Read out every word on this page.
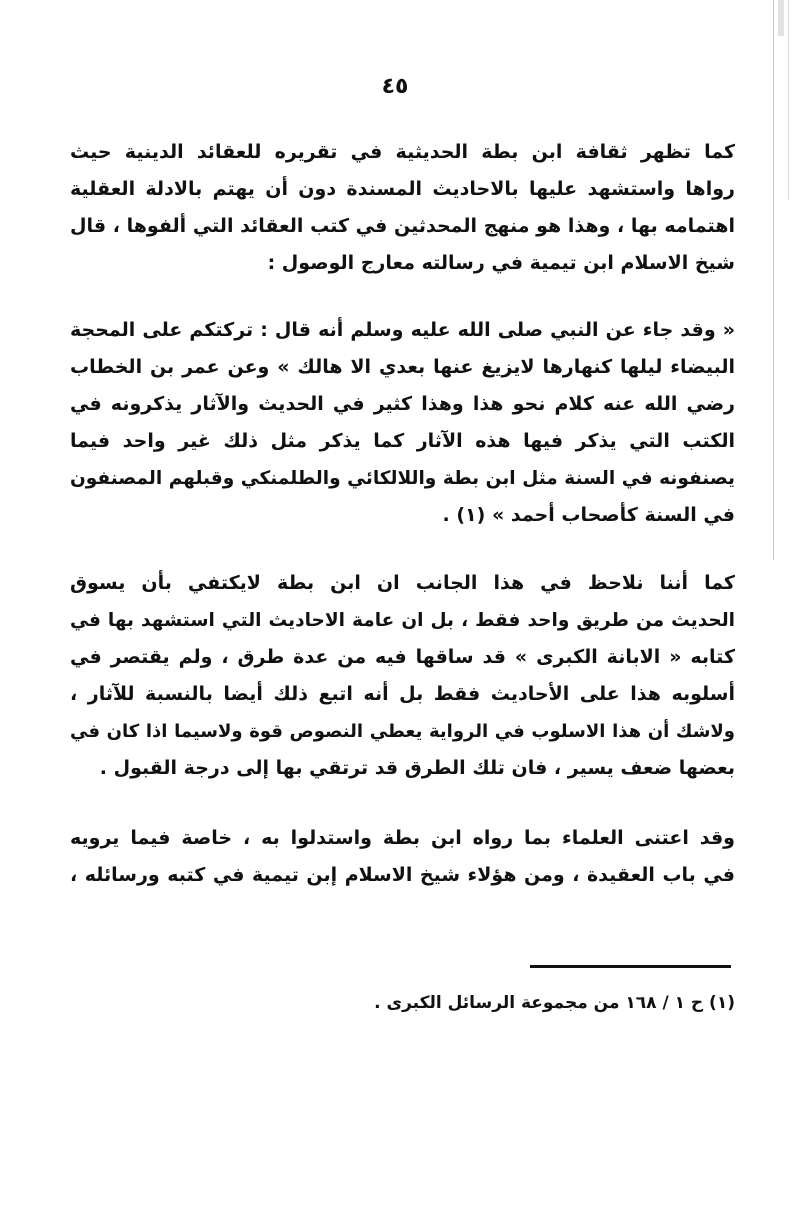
٤٥
كما تظهر ثقافة ابن بطة الحديثية في تقريره للعقائد الدينية حيث
رواها واستشهد عليها بالاحاديث المسندة دون أن يهتم بالادلة العقلية
اهتمامه بها ، وهذا هو منهج المحدثين في كتب العقائد التي ألفوها ، قال
شيخ الاسلام ابن تيمية في رسالته معارج الوصول :
« وقد جاء عن النبي صلى الله عليه وسلم أنه قال : تركتكم على المحجة
البيضاء ليلها كنهارها لايزيغ عنها بعدي الا هالك » وعن عمر بن الخطاب
رضي الله عنه كلام نحو هذا وهذا كثير في الحديث والآثار يذكرونه في
الكتب التي يذكر فيها هذه الآثار كما يذكر مثل ذلك غير واحد فيما
يصنفونه في السنة مثل ابن بطة واللالكائي والطلمنكي وقبلهم المصنفون
في السنة كأصحاب أحمد » (١) .
كما أننا نلاحظ في هذا الجانب ان ابن بطة لايكتفي بأن يسوق
الحديث من طريق واحد فقط ، بل ان عامة الاحاديث التي استشهد بها في
كتابه « الابانة الكبرى » قد ساقها فيه من عدة طرق ، ولم يقتصر في
أسلوبه هذا على الأحاديث فقط بل أنه اتبع ذلك أيضا بالنسبة للآثار ،
ولاشك أن هذا الاسلوب في الرواية يعطي النصوص قوة ولاسيما اذا كان في
بعضها ضعف يسير ، فان تلك الطرق قد ترتقي بها إلى درجة القبول .
وقد اعتنى العلماء بما رواه ابن بطة واستدلوا به ، خاصة فيما يرويه
في باب العقيدة ، ومن هؤلاء شيخ الاسلام إبن تيمية في كتبه ورسائله ،
(١) ح ١ / ١٦٨ من مجموعة الرسائل الكبرى .
